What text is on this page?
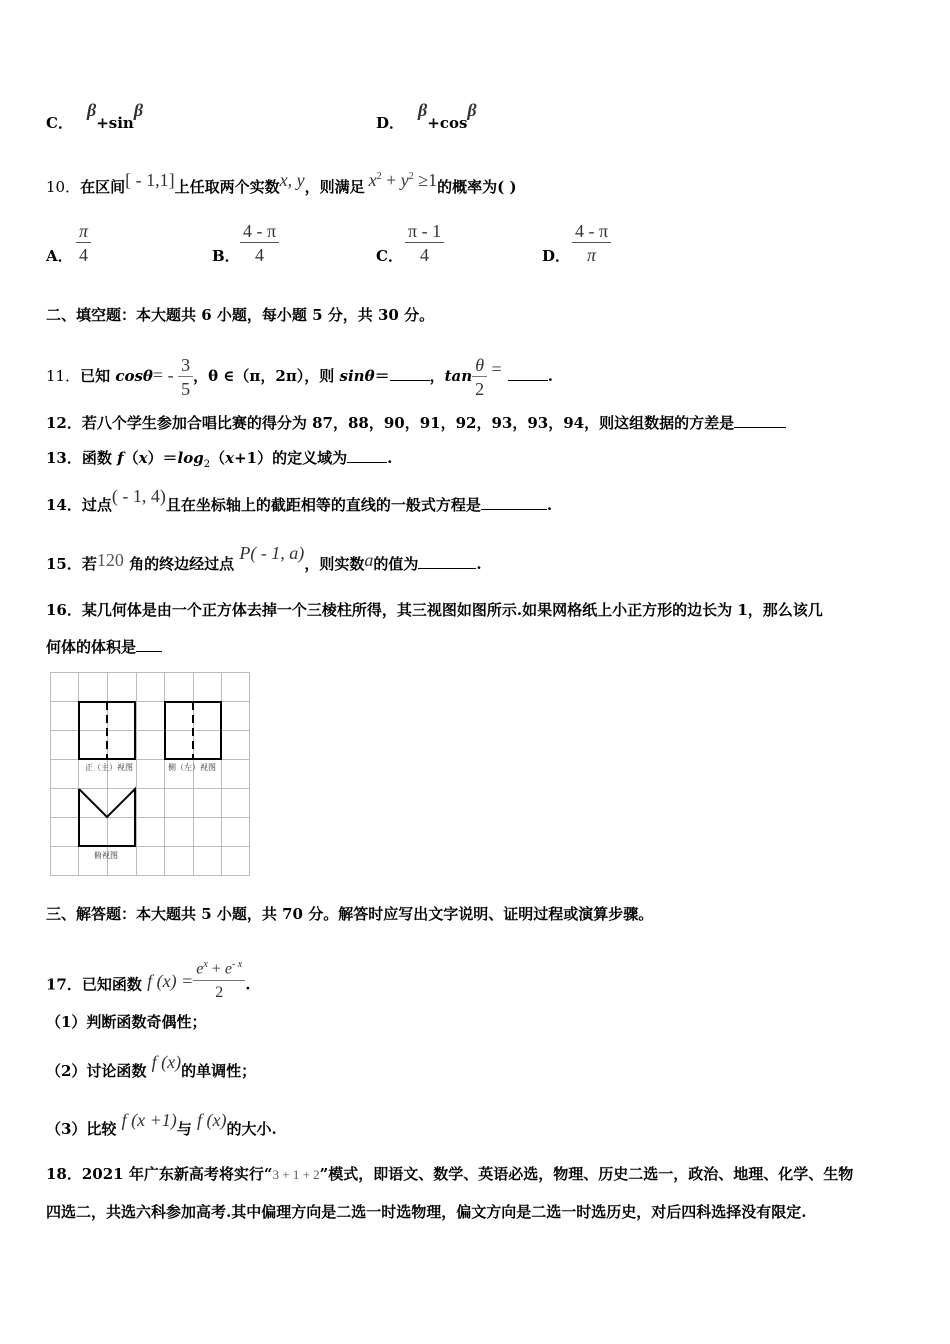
C．β+sinβ
D．β+cosβ
10．在区间[ - 1,1]上任取两个实数x, y，则满足 $x^2 + y^2 \ge 1$的概率为( )
A． $\frac{\pi}{4}$	B． $\frac{4 - \pi}{4}$	C． $\frac{\pi - 1}{4}$	D． $\frac{4 - \pi}{\pi}$
二、填空题：本大题共 6 小题，每小题 5 分，共 30 分。
11．已知 $\cos\theta= - \frac{3}{5}$ ，θ ∈（π，2π），则 sinθ＝	，$\tan \frac{\theta}{2}$ =	.
12．若八个学生参加合唱比赛的得分为 87，88，90，91，92，93，93，94，则这组数据的方差是
13．函数 $f(x)=\log_2(x+1)$的定义域为	.
14．过点( - 1, 4)且在坐标轴上的截距相等的直线的一般式方程是	.
15．若120 角的终边经过点 P( - 1, a)，则实数a的值为	.
16．某几何体是由一个正方体去掉一个三棱柱所得，其三视图如图所示.如果网格纸上小正方形的边长为 1，那么该几
何体的体积是
正（主）视图	侧（左）视图
俯视图
三、解答题：本大题共 5 小题，共 70 分。解答时应写出文字说明、证明过程或演算步骤。
17．已知函数 f $(x) = \frac{e^x + e^{- x}}{2}$ .
（1）判断函数奇偶性；
（2）讨论函数 f (x)的单调性；
（3）比较 f (x +1)与 f (x)的大小.
18．2021 年广东新高考将实行“3 + 1 + 2”模式，即语文、数学、英语必选，物理、历史二选一，政治、地理、化学、生物
四选二，共选六科参加高考.其中偏理方向是二选一时选物理，偏文方向是二选一时选历史，对后四科选择没有限定.
